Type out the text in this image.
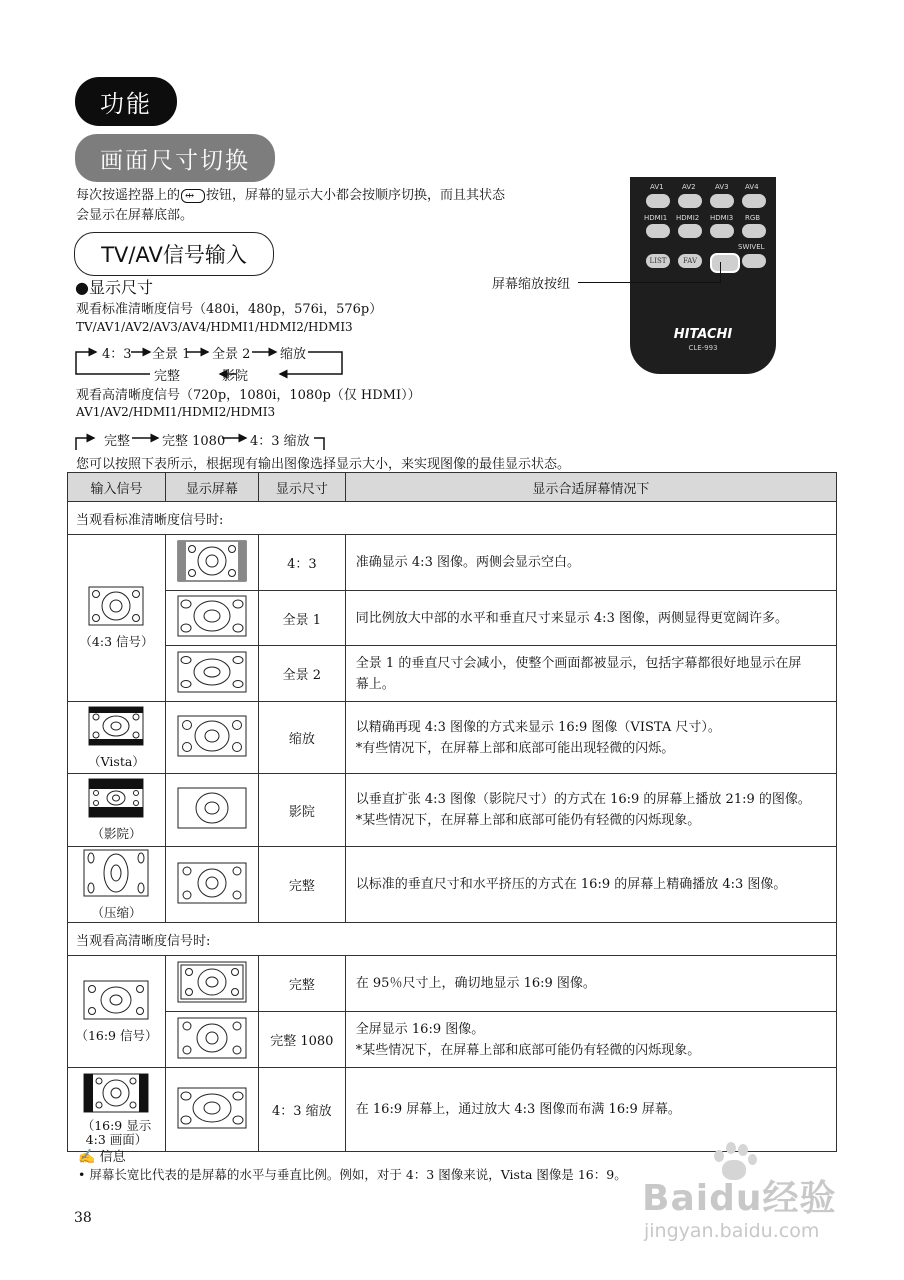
功能
画面尺寸切换
每次按遥控器上的 ⇹ 按钮，屏幕的显示大小都会按顺序切换，而且其状态会显示在屏幕底部。
TV/AV信号输入
●显示尺寸
观看标准清晰度信号（480i，480p，576i，576p）
TV/AV1/AV2/AV3/AV4/HDMI1/HDMI2/HDMI3
4：3 全景 1 全景 2 缩放
完整	影院
观看高清晰度信号（720p，1080i，1080p（仅 HDMI））
AV1/AV2/HDMI1/HDMI2/HDMI3
完整 完整 1080 4：3 缩放
您可以按照下表所示，根据现有输出图像选择显示大小，来实现图像的最佳显示状态。
AV1	AV2	AV3 AV4
HDMI1 HDMI2 HDMI3 RGB
SWIVEL
LIST	FAV
HITACHI
CLE-993
屏幕缩放按纽
输入信号	显示屏幕	显示尺寸	显示合适屏幕情况下
当观看标准清晰度信号时:			

（4:3 信号）		4：3	准确显示 4:3 图像。两侧会显示空白。
	全景 1	同比例放大中部的水平和垂直尺寸来显示 4:3 图像，两侧显得更宽阔许多。
	全景 2	全景 1 的垂直尺寸会减小，使整个画面都被显示，包括字幕都很好地显示在屏
幕上。

（Vista）		缩放	以精确再现 4:3 图像的方式来显示 16:9 图像（VISTA 尺寸）。
*有些情况下，在屏幕上部和底部可能出现轻微的闪烁。

（影院）		影院	以垂直扩张 4:3 图像（影院尺寸）的方式在 16:9 的屏幕上播放 21:9 的图像。
*某些情况下，在屏幕上部和底部可能仍有轻微的闪烁现象。

（压缩）		完整	以标准的垂直尺寸和水平挤压的方式在 16:9 的屏幕上精确播放 4:3 图像。
当观看高清晰度信号时:			

（16:9 信号）		完整	在 95％尺寸上，确切地显示 16:9 图像。
	完整 1080	全屏显示 16:9 图像。
*某些情况下，在屏幕上部和底部可能仍有轻微的闪烁现象。

（16:9 显示
4:3 画面）		4：3 缩放	在 16:9 屏幕上，通过放大 4:3 图像而布满 16:9 屏幕。
✍ 信息
• 屏幕长宽比代表的是屏幕的水平与垂直比例。例如，对于 4：3 图像来说，Vista 图像是 16：9。
38	Baidu经验
jingyan.baidu.com
